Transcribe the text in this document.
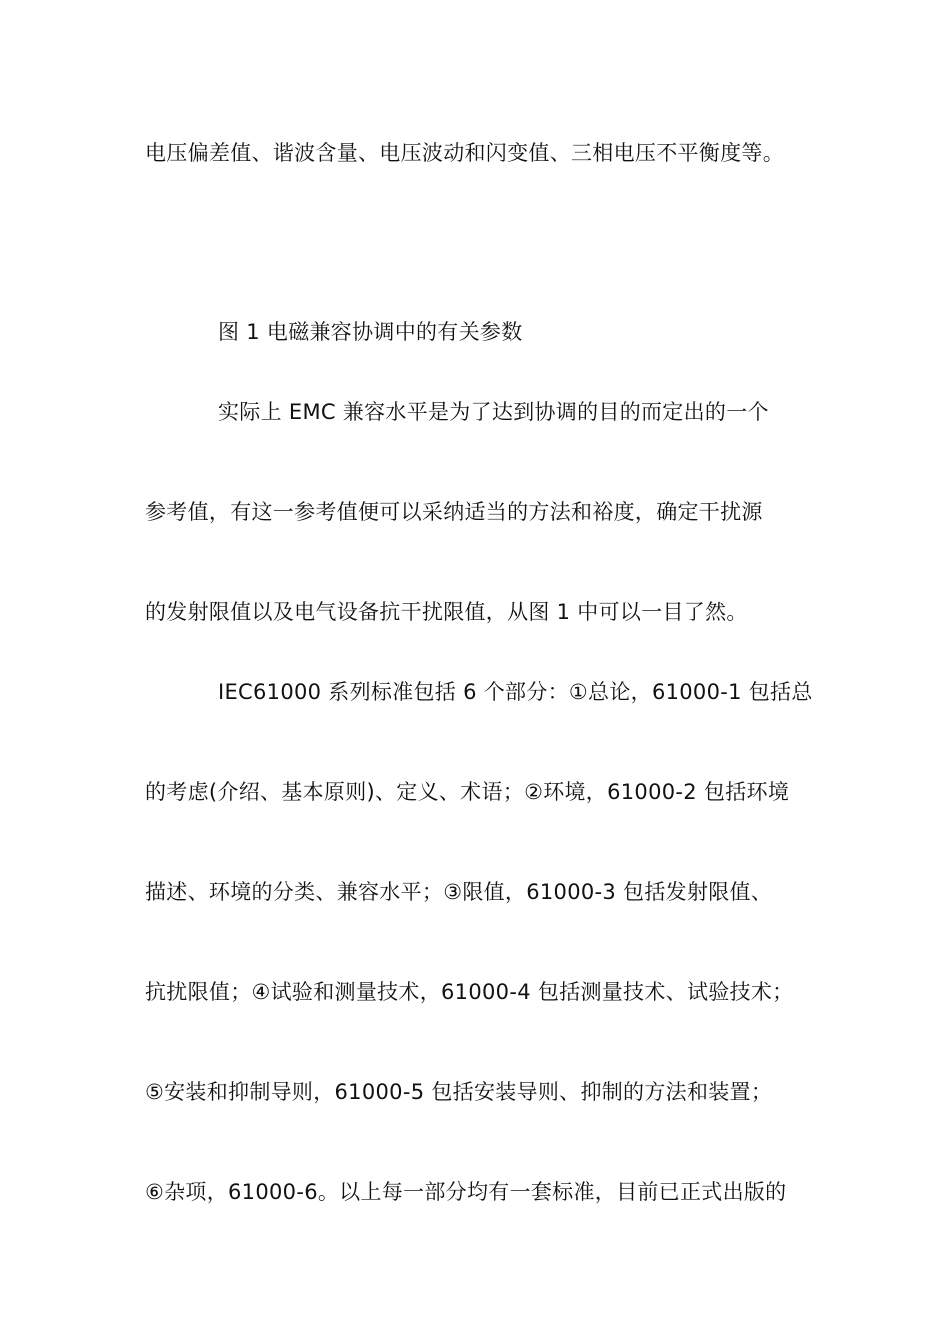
电压偏差值、谐波含量、电压波动和闪变值、三相电压不平衡度等。
图 1 电磁兼容协调中的有关参数
实际上 EMC 兼容水平是为了达到协调的目的而定出的一个
参考值，有这一参考值便可以采纳适当的方法和裕度，确定干扰源
的发射限值以及电气设备抗干扰限值，从图 1 中可以一目了然。
IEC61000 系列标准包括 6 个部分：①总论，61000-1 包括总
的考虑(介绍、基本原则)、定义、术语；②环境，61000-2 包括环境
描述、环境的分类、兼容水平；③限值，61000-3 包括发射限值、
抗扰限值；④试验和测量技术，61000-4 包括测量技术、试验技术；
⑤安装和抑制导则，61000-5 包括安装导则、抑制的方法和装置；
⑥杂项，61000-6。以上每一部分均有一套标准，目前已正式出版的
